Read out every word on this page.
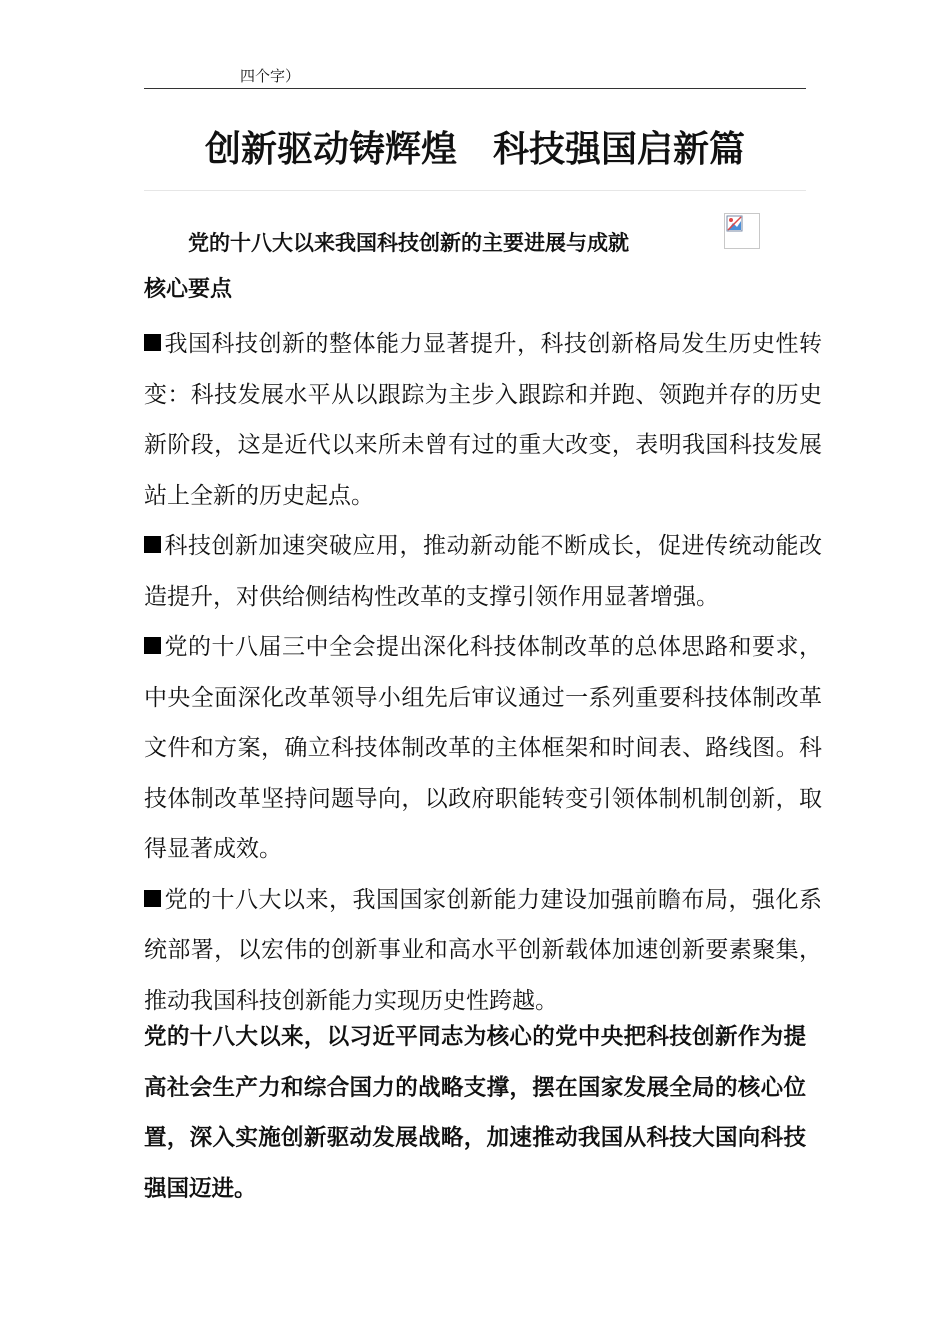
四个字）
创新驱动铸辉煌　科技强国启新篇
党的十八大以来我国科技创新的主要进展与成就
核心要点

我国科技创新的整体能力显著提升，科技创新格局发生历史性转变：科技发展水平从以跟踪为主步入跟踪和并跑、领跑并存的历史新阶段，这是近代以来所未曾有过的重大改变，表明我国科技发展站上全新的历史起点。

科技创新加速突破应用，推动新动能不断成长，促进传统动能改造提升，对供给侧结构性改革的支撑引领作用显著增强。

党的十八届三中全会提出深化科技体制改革的总体思路和要求，中央全面深化改革领导小组先后审议通过一系列重要科技体制改革文件和方案，确立科技体制改革的主体框架和时间表、路线图。科技体制改革坚持问题导向，以政府职能转变引领体制机制创新，取得显著成效。

党的十八大以来，我国国家创新能力建设加强前瞻布局，强化系统部署，以宏伟的创新事业和高水平创新载体加速创新要素聚集，推动我国科技创新能力实现历史性跨越。

党的十八大以来，以习近平同志为核心的党中央把科技创新作为提高社会生产力和综合国力的战略支撑，摆在国家发展全局的核心位置，深入实施创新驱动发展战略，加速推动我国从科技大国向科技强国迈进。
